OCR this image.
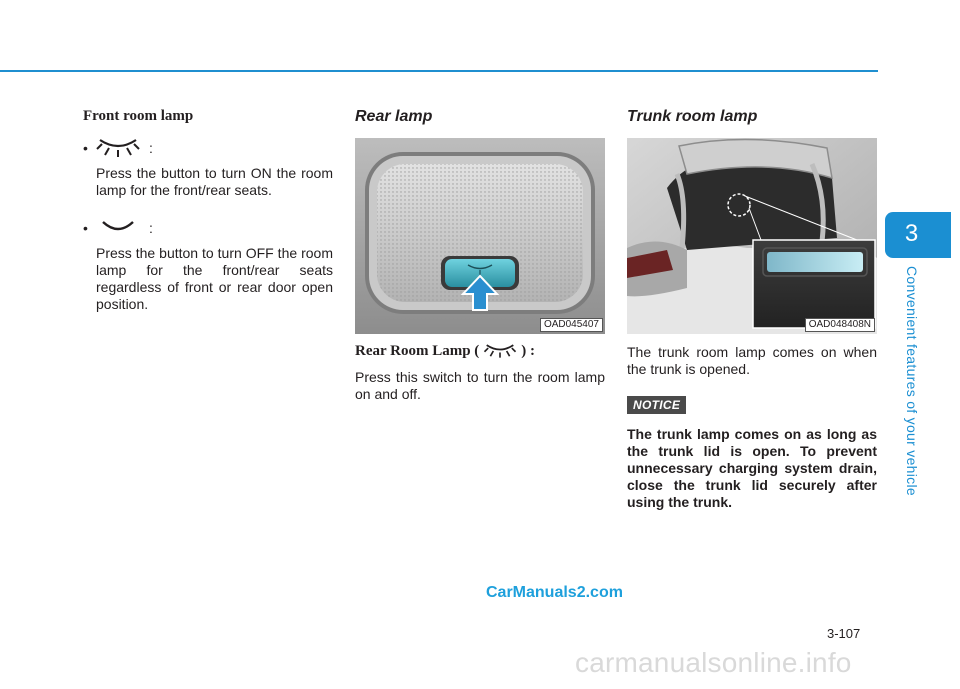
3
Convenient features of your vehicle
Front room lamp
•	:

Press the button to turn ON the room lamp for the front/rear seats.

•	:

Press the button to turn OFF the room lamp for the front/rear seats regardless of front or rear door open position.

Rear lamp
OAD045407
Rear Room Lamp (	) :

Press this switch to turn the room lamp on and off.

Trunk room lamp
OAD048408N

The trunk room lamp comes on when the trunk is opened.

NOTICE

The trunk lamp comes on as long as the trunk lid is open. To prevent unnecessary charging system drain, close the trunk lid securely after using the trunk.

3-107
CarManuals2.com
carmanualsonline.info
